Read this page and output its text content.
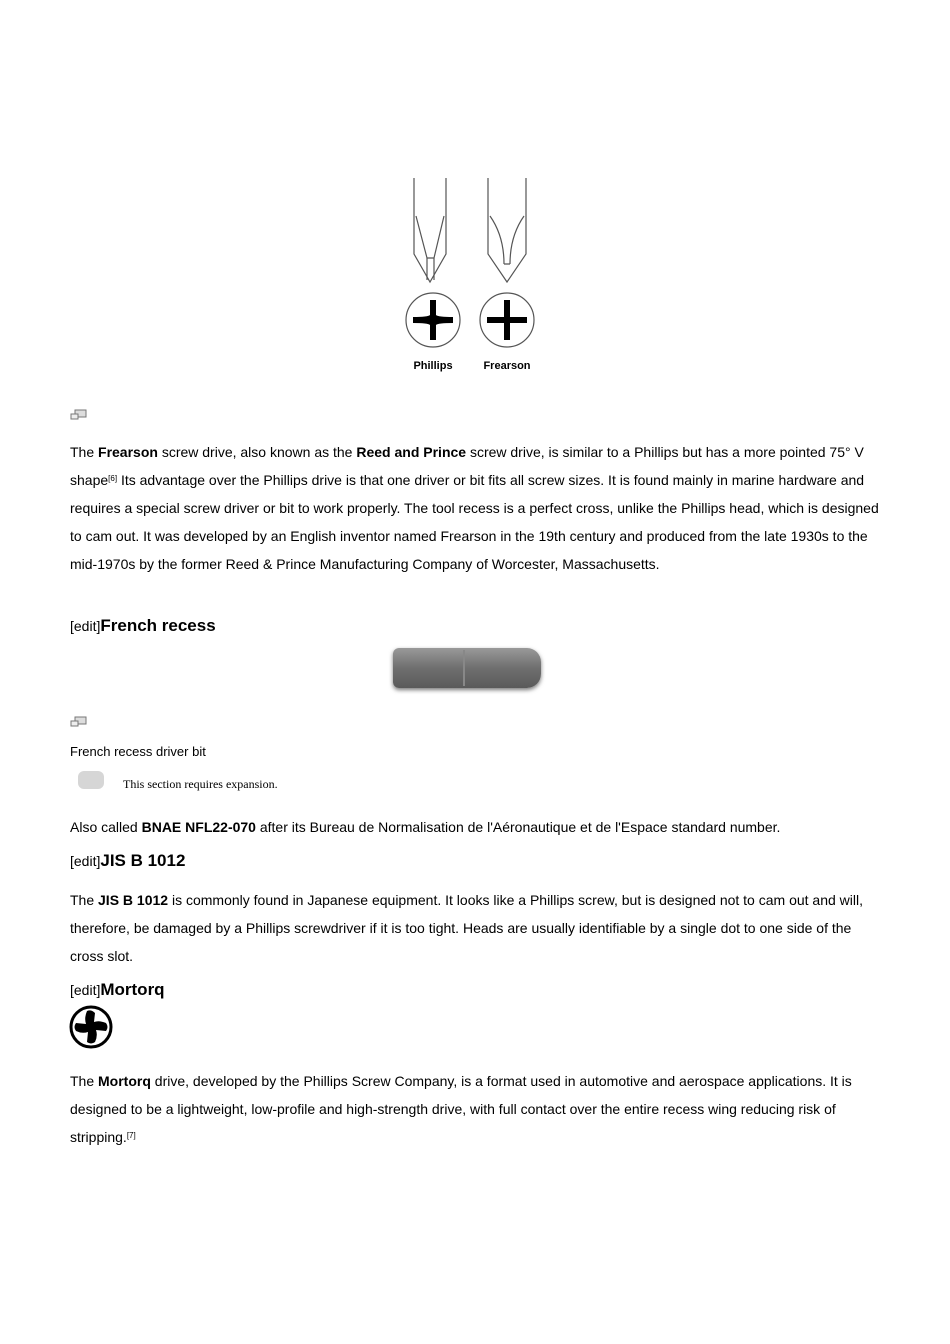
Phillips	Frearson
The Frearson screw drive, also known as the Reed and Prince screw drive, is similar to a Phillips but has a more pointed 75° V shape[6] Its advantage over the Phillips drive is that one driver or bit fits all screw sizes. It is found mainly in marine hardware and requires a special screw driver or bit to work properly. The tool recess is a perfect cross, unlike the Phillips head, which is designed to cam out. It was developed by an English inventor named Frearson in the 19th century and produced from the late 1930s to the mid-1970s by the former Reed & Prince Manufacturing Company of Worcester, Massachusetts.
[edit]French recess
French recess driver bit
This section requires expansion.
Also called BNAE NFL22-070 after its Bureau de Normalisation de l'Aéronautique et de l'Espace standard number.
[edit]JIS B 1012
The JIS B 1012 is commonly found in Japanese equipment. It looks like a Phillips screw, but is designed not to cam out and will, therefore, be damaged by a Phillips screwdriver if it is too tight. Heads are usually identifiable by a single dot to one side of the cross slot.
[edit]Mortorq
The Mortorq drive, developed by the Phillips Screw Company, is a format used in automotive and aerospace applications. It is designed to be a lightweight, low-profile and high-strength drive, with full contact over the entire recess wing reducing risk of stripping.[7]
